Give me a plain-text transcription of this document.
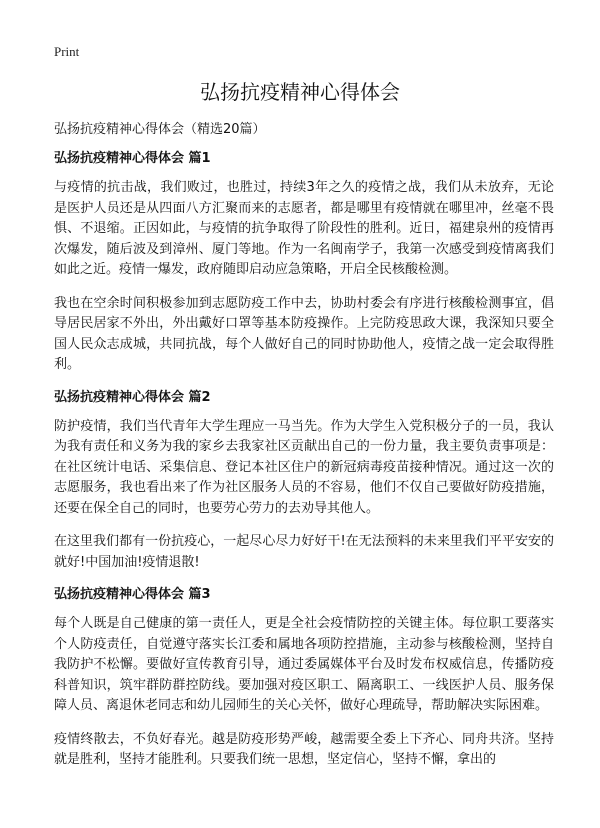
Print
弘扬抗疫精神心得体会
弘扬抗疫精神心得体会（精选20篇）
弘扬抗疫精神心得体会 篇1

与疫情的抗击战，我们败过，也胜过，持续3年之久的疫情之战，我们从未放弃，无论是医护人员还是从四面八方汇聚而来的志愿者，都是哪里有疫情就在哪里冲，丝毫不畏惧、不退缩。正因如此，与疫情的抗争取得了阶段性的胜利。近日，福建泉州的疫情再次爆发，随后波及到漳州、厦门等地。作为一名闽南学子，我第一次感受到疫情离我们如此之近。疫情一爆发，政府随即启动应急策略，开启全民核酸检测。

我也在空余时间积极参加到志愿防疫工作中去，协助村委会有序进行核酸检测事宜，倡导居民居家不外出，外出戴好口罩等基本防疫操作。上完防疫思政大课，我深知只要全国人民众志成城，共同抗战，每个人做好自己的同时协助他人，疫情之战一定会取得胜利。

弘扬抗疫精神心得体会 篇2

防护疫情，我们当代青年大学生理应一马当先。作为大学生入党积极分子的一员，我认为我有责任和义务为我的家乡去我家社区贡献出自己的一份力量，我主要负责事项是：在社区统计电话、采集信息、登记本社区住户的新冠病毒疫苗接种情况。通过这一次的志愿服务，我也看出来了作为社区服务人员的不容易，他们不仅自己要做好防疫措施，还要在保全自己的同时，也要劳心劳力的去劝导其他人。

在这里我们都有一份抗疫心，一起尽心尽力好好干!在无法预料的未来里我们平平安安的就好!中国加油!疫情退散!

弘扬抗疫精神心得体会 篇3

每个人既是自己健康的第一责任人，更是全社会疫情防控的关键主体。每位职工要落实个人防疫责任，自觉遵守落实长江委和属地各项防控措施，主动参与核酸检测，坚持自我防护不松懈。要做好宣传教育引导，通过委属媒体平台及时发布权威信息，传播防疫科普知识，筑牢群防群控防线。要加强对疫区职工、隔离职工、一线医护人员、服务保障人员、离退休老同志和幼儿园师生的关心关怀，做好心理疏导，帮助解决实际困难。

疫情终散去，不负好春光。越是防疫形势严峻，越需要全委上下齐心、同舟共济。坚持就是胜利，坚持才能胜利。只要我们统一思想，坚定信心，坚持不懈，拿出的
